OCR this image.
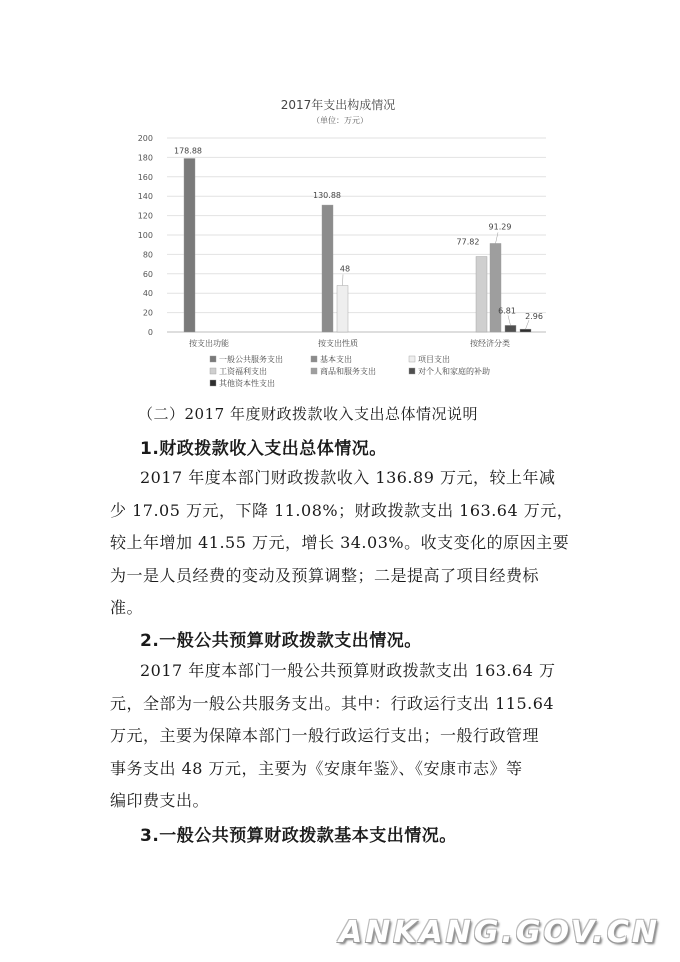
2017年支出构成情况
（单位：万元）
0
20
40
60
80
100
120
140
160
180
200
178.88
130.88
48
77.82
91.29
6.81
2.96
按支出功能	按支出性质	按经济分类
一般公共服务支出	基本支出	项目支出
工资福利支出	商品和服务支出	对个人和家庭的补助
其他资本性支出
（二）2017 年度财政拨款收入支出总体情况说明
1.财政拨款收入支出总体情况。
2017 年度本部门财政拨款收入 136.89 万元，较上年减
少 17.05 万元，下降 11.08%；财政拨款支出 163.64 万元，
较上年增加 41.55 万元，增长 34.03%。收支变化的原因主要
为一是人员经费的变动及预算调整；二是提高了项目经费标
准。
2.一般公共预算财政拨款支出情况。
2017 年度本部门一般公共预算财政拨款支出 163.64 万
元，全部为一般公共服务支出。其中：行政运行支出 115.64
万元，主要为保障本部门一般行政运行支出；一般行政管理
事务支出 48 万元，主要为《安康年鉴》、《安康市志》等
编印费支出。
3.一般公共预算财政拨款基本支出情况。
ANKANG.GOV.CN
